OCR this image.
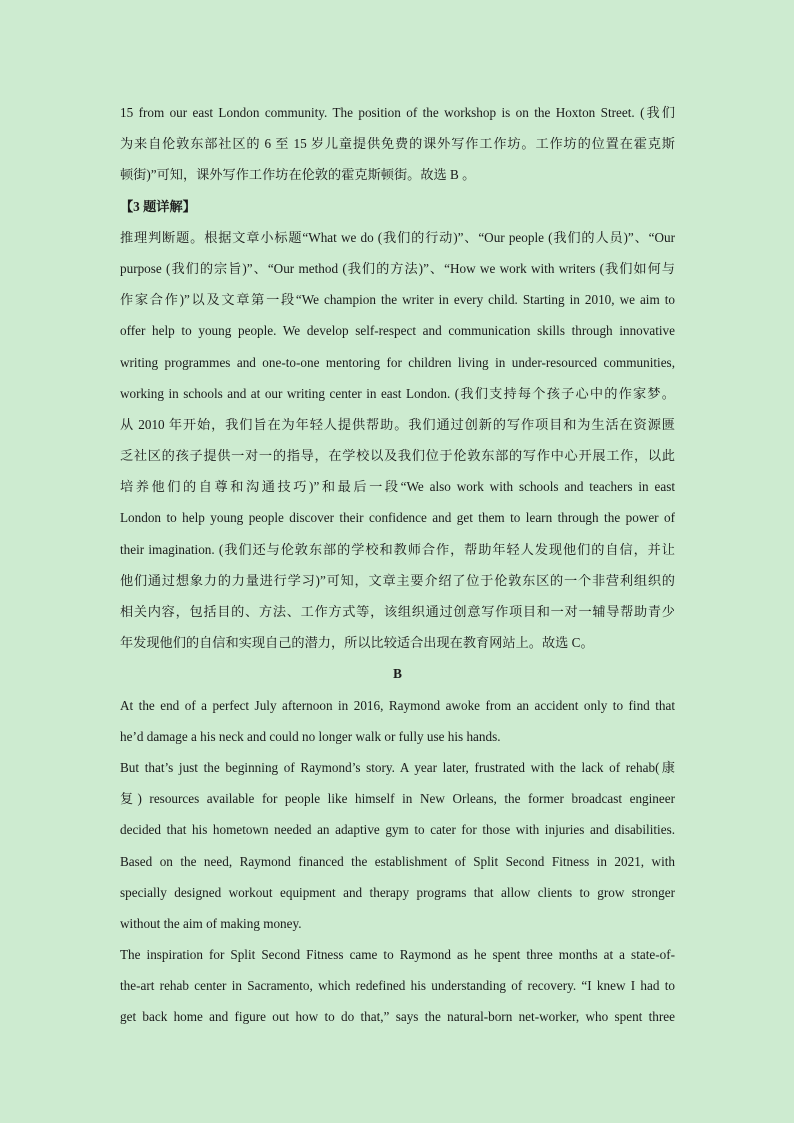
15 from our east London community. The position of the workshop is on the Hoxton Street. (我们
为来自伦敦东部社区的 6 至 15 岁儿童提供免费的课外写作工作坊。工作坊的位置在霍克斯
顿街)”可知，课外写作工作坊在伦敦的霍克斯顿街。故选 B 。
【3 题详解】
推理判断题。根据文章小标题“What we do (我们的行动)”、“Our people (我们的人员)”、“Our
purpose (我们的宗旨)”、“Our method (我们的方法)”、“How we work with writers (我们如何与
作家合作)”以及文章第一段“We champion the writer in every child. Starting in 2010, we aim to
offer help to young people. We develop self-respect and communication skills through innovative
writing programmes and one-to-one mentoring for children living in under-resourced communities,
working in schools and at our writing center in east London. (我们支持每个孩子心中的作家梦。
从 2010 年开始，我们旨在为年轻人提供帮助。我们通过创新的写作项目和为生活在资源匮
乏社区的孩子提供一对一的指导，在学校以及我们位于伦敦东部的写作中心开展工作，以此
培养他们的自尊和沟通技巧)”和最后一段“We also work with schools and teachers in east
London to help young people discover their confidence and get them to learn through the power of
their imagination. (我们还与伦敦东部的学校和教师合作，帮助年轻人发现他们的自信，并让
他们通过想象力的力量进行学习)”可知，文章主要介绍了位于伦敦东区的一个非营利组织的
相关内容，包括目的、方法、工作方式等，该组织通过创意写作项目和一对一辅导帮助青少
年发现他们的自信和实现自己的潜力，所以比较适合出现在教育网站上。故选 C。
B
At the end of a perfect July afternoon in 2016, Raymond awoke from an accident only to find that
he’d damage a his neck and could no longer walk or fully use his hands.
But that’s just the beginning of Raymond’s story. A year later, frustrated with the lack of rehab(康
复) resources available for people like himself in New Orleans, the former broadcast engineer
decided that his hometown needed an adaptive gym to cater for those with injuries and disabilities.
Based on the need, Raymond financed the establishment of Split Second Fitness in 2021, with
specially designed workout equipment and therapy programs that allow clients to grow stronger
without the aim of making money.
The inspiration for Split Second Fitness came to Raymond as he spent three months at a state-of-
the-art rehab center in Sacramento, which redefined his understanding of recovery. “I knew I had to
get back home and figure out how to do that,” says the natural-born net-worker, who spent three
